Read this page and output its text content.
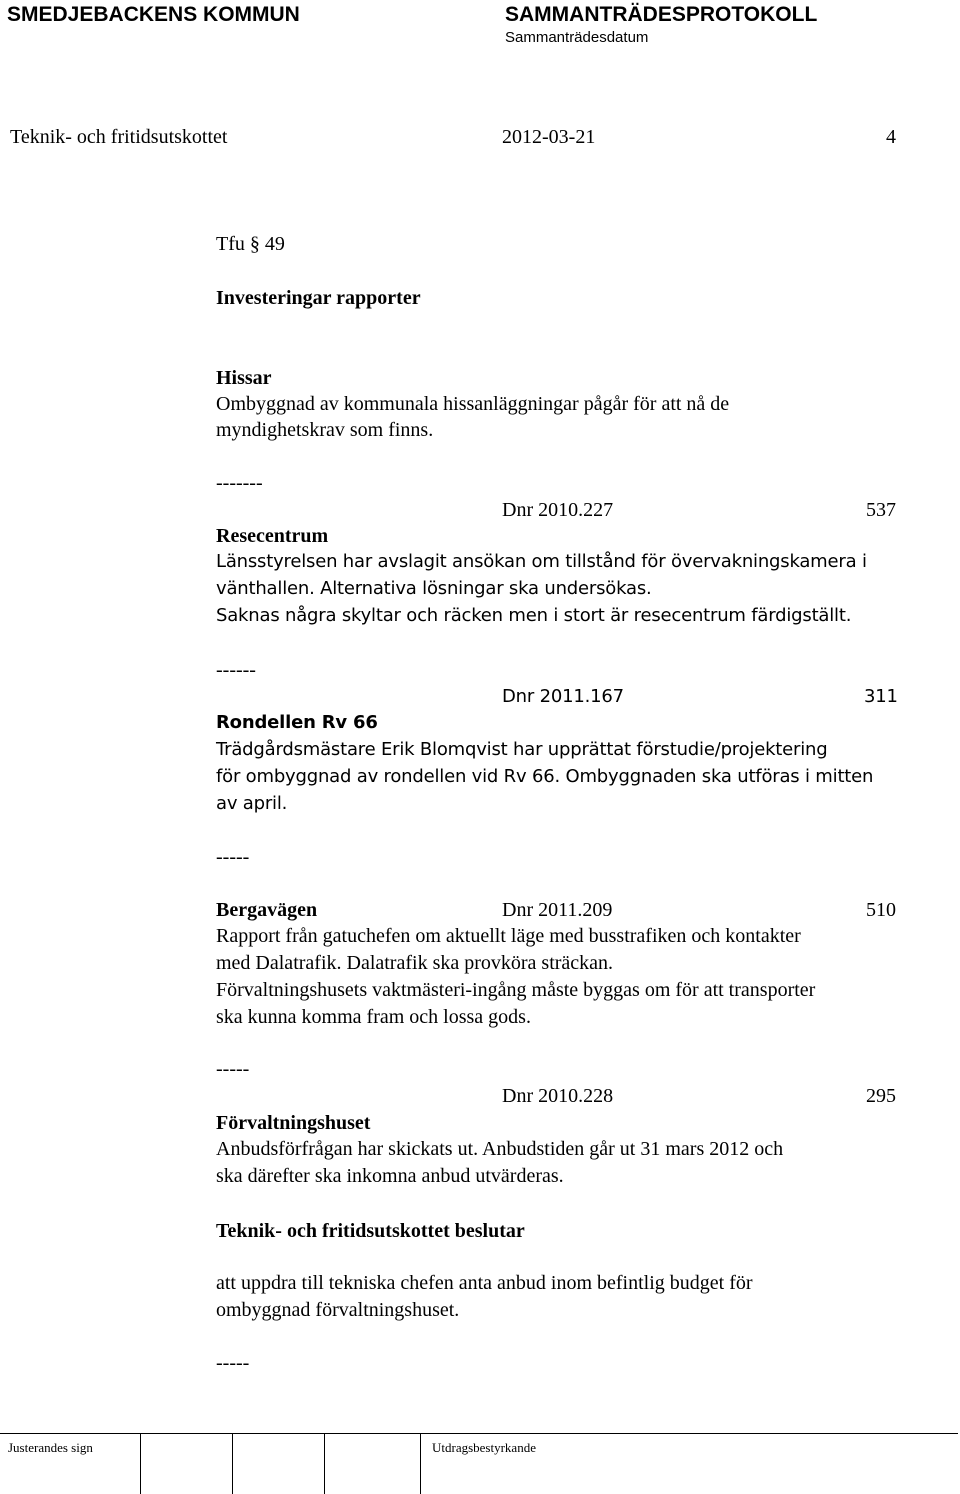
SMEDJEBACKENS KOMMUN	SAMMANTRÄDESPROTOKOLL
Sammanträdesdatum
Teknik- och fritidsutskottet	2012-03-21	4
Tfu § 49
Investeringar rapporter
Hissar
Ombyggnad av kommunala hissanläggningar pågår för att nå de
myndighetskrav som finns.
-------
Dnr 2010.227	537
Resecentrum
Länsstyrelsen har avslagit ansökan om tillstånd för övervakningskamera i
vänthallen. Alternativa lösningar ska undersökas.
Saknas några skyltar och räcken men i stort är resecentrum färdigställt.
------
Dnr 2011.167	311
Rondellen Rv 66
Trädgårdsmästare Erik Blomqvist har upprättat förstudie/projektering
för ombyggnad av rondellen vid Rv 66. Ombyggnaden ska utföras i mitten
av april.
-----
Bergavägen	Dnr 2011.209	510
Rapport från gatuchefen om aktuellt läge med busstrafiken och kontakter
med Dalatrafik. Dalatrafik ska provköra sträckan.
Förvaltningshusets vaktmästeri-ingång måste byggas om för att transporter
ska kunna komma fram och lossa gods.
-----
Dnr 2010.228	295
Förvaltningshuset
Anbudsförfrågan har skickats ut. Anbudstiden går ut 31 mars 2012 och
ska därefter ska inkomna anbud utvärderas.
Teknik- och fritidsutskottet beslutar
att uppdra till tekniska chefen anta anbud inom befintlig budget för
ombyggnad förvaltningshuset.
-----
Justerandes sign	Utdragsbestyrkande
